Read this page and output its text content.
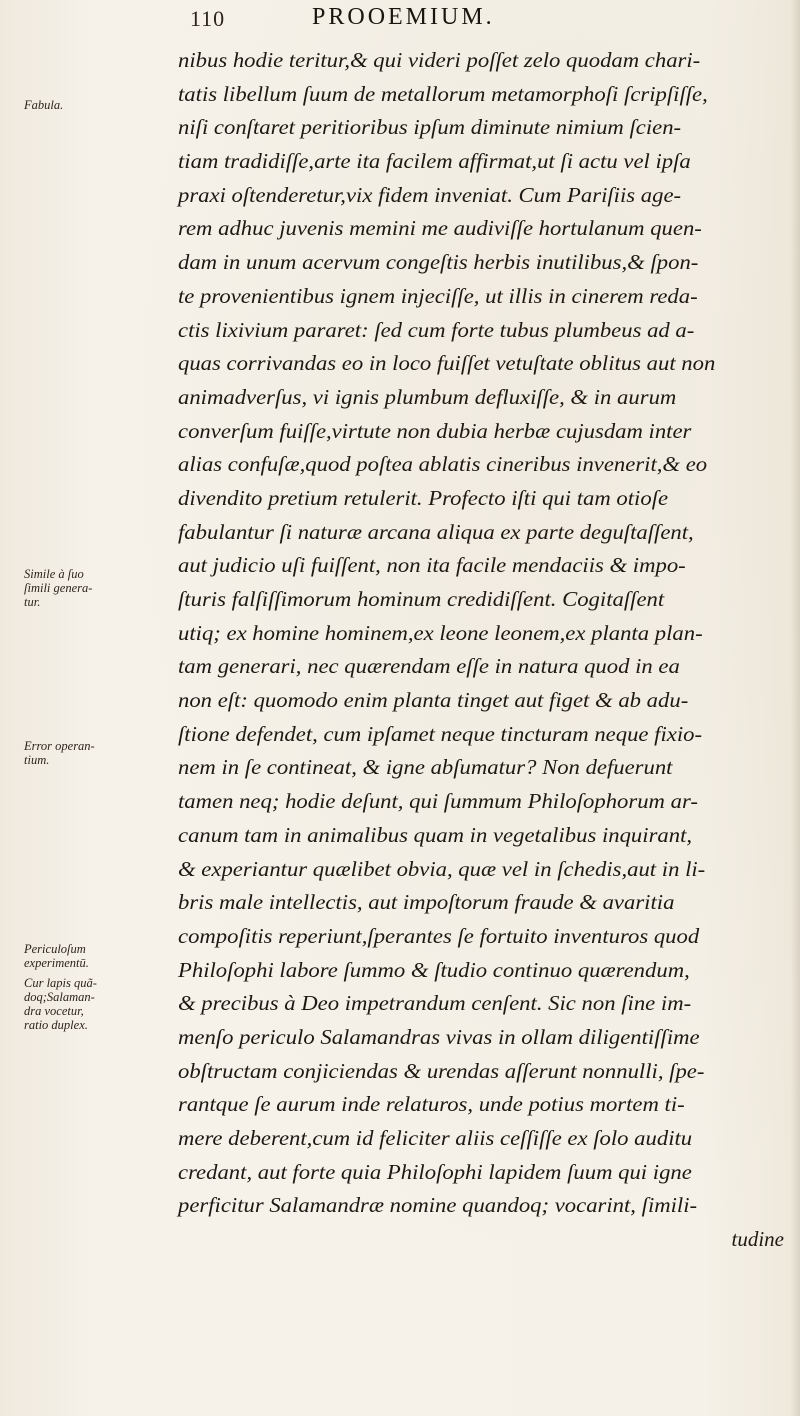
110	PROOEMIUM.
nibus hodie teritur,& qui videri poſſet zelo quodam chari-
tatis libellum ſuum de metallorum metamorphoſi ſcripſiſſe,
niſi conſtaret peritioribus ipſum diminute nimium ſcien-
tiam tradidiſſe,arte ita facilem affirmat,ut ſi actu vel ipſa
praxi oſtenderetur,vix fidem inveniat. Cum Pariſiis age-
rem adhuc juvenis memini me audiviſſe hortulanum quen-
dam in unum acervum congeſtis herbis inutilibus,& ſpon-
te provenientibus ignem injeciſſe, ut illis in cinerem reda-
ctis lixivium pararet: ſed cum forte tubus plumbeus ad a-
quas corrivandas eo in loco fuiſſet vetuſtate oblitus aut non
animadverſus, vi ignis plumbum defluxiſſe, & in aurum
converſum fuiſſe,virtute non dubia herbæ cujusdam inter
alias confuſæ,quod poſtea ablatis cineribus invenerit,& eo
divendito pretium retulerit. Profecto iſti qui tam otioſe
fabulantur ſi naturæ arcana aliqua ex parte deguſtaſſent,
aut judicio uſi fuiſſent, non ita facile mendaciis & impo-
ſturis falſiſſimorum hominum credidiſſent. Cogitaſſent
utiq; ex homine hominem,ex leone leonem,ex planta plan-
tam generari, nec quærendam eſſe in natura quod in ea
non eſt: quomodo enim planta tinget aut figet & ab adu-
ſtione defendet, cum ipſamet neque tincturam neque fixio-
nem in ſe contineat, & igne abſumatur? Non defuerunt
tamen neq; hodie deſunt, qui ſummum Philoſophorum ar-
canum tam in animalibus quam in vegetalibus inquirant,
& experiantur quælibet obvia, quæ vel in ſchedis,aut in li-
bris male intellectis, aut impoſtorum fraude & avaritia
compoſitis reperiunt,ſperantes ſe fortuito inventuros quod
Philoſophi labore ſummo & ſtudio continuo quærendum,
& precibus à Deo impetrandum cenſent. Sic non ſine im-
menſo periculo Salamandras vivas in ollam diligentiſſime
obſtructam conjiciendas & urendas aſſerunt nonnulli, ſpe-
rantque ſe aurum inde relaturos, unde potius mortem ti-
mere deberent,cum id feliciter aliis ceſſiſſe ex ſolo auditu
credant, aut forte quia Philoſophi lapidem ſuum qui igne
perficitur Salamandræ nomine quandoq; vocarint, ſimili-
tudine
Fabula.
Simile à ſuo
ſimili genera-
tur.
Error operan-
tium.
Periculoſum
experimentū.
Cur lapis quã-
doq;Salaman-
dra vocetur,
ratio duplex.
